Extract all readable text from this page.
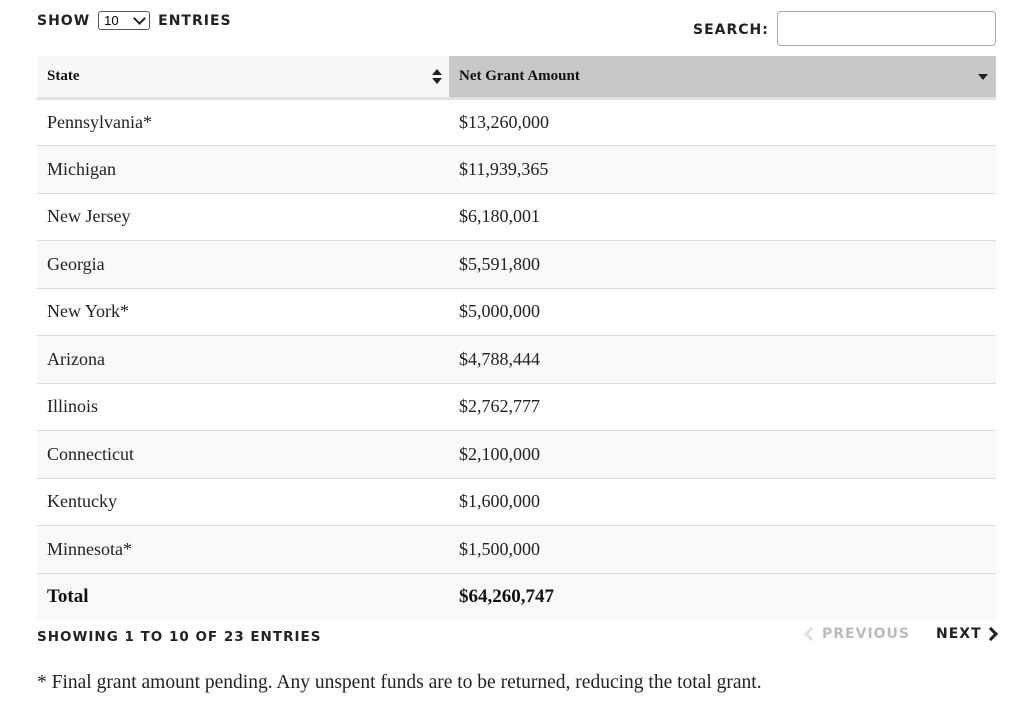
SHOW 10	ENTRIES
SEARCH:
State	Net Grant Amount

Pennsylvania*	$13,260,000
Michigan	$11,939,365
New Jersey	$6,180,001
Georgia	$5,591,800
New York*	$5,000,000
Arizona	$4,788,444
Illinois	$2,762,777
Connecticut	$2,100,000
Kentucky	$1,600,000
Minnesota*	$1,500,000
Total	$64,260,747
SHOWING 1 TO 10 OF 23 ENTRIES	PREVIOUS NEXT
* Final grant amount pending. Any unspent funds are to be returned, reducing the total grant.
